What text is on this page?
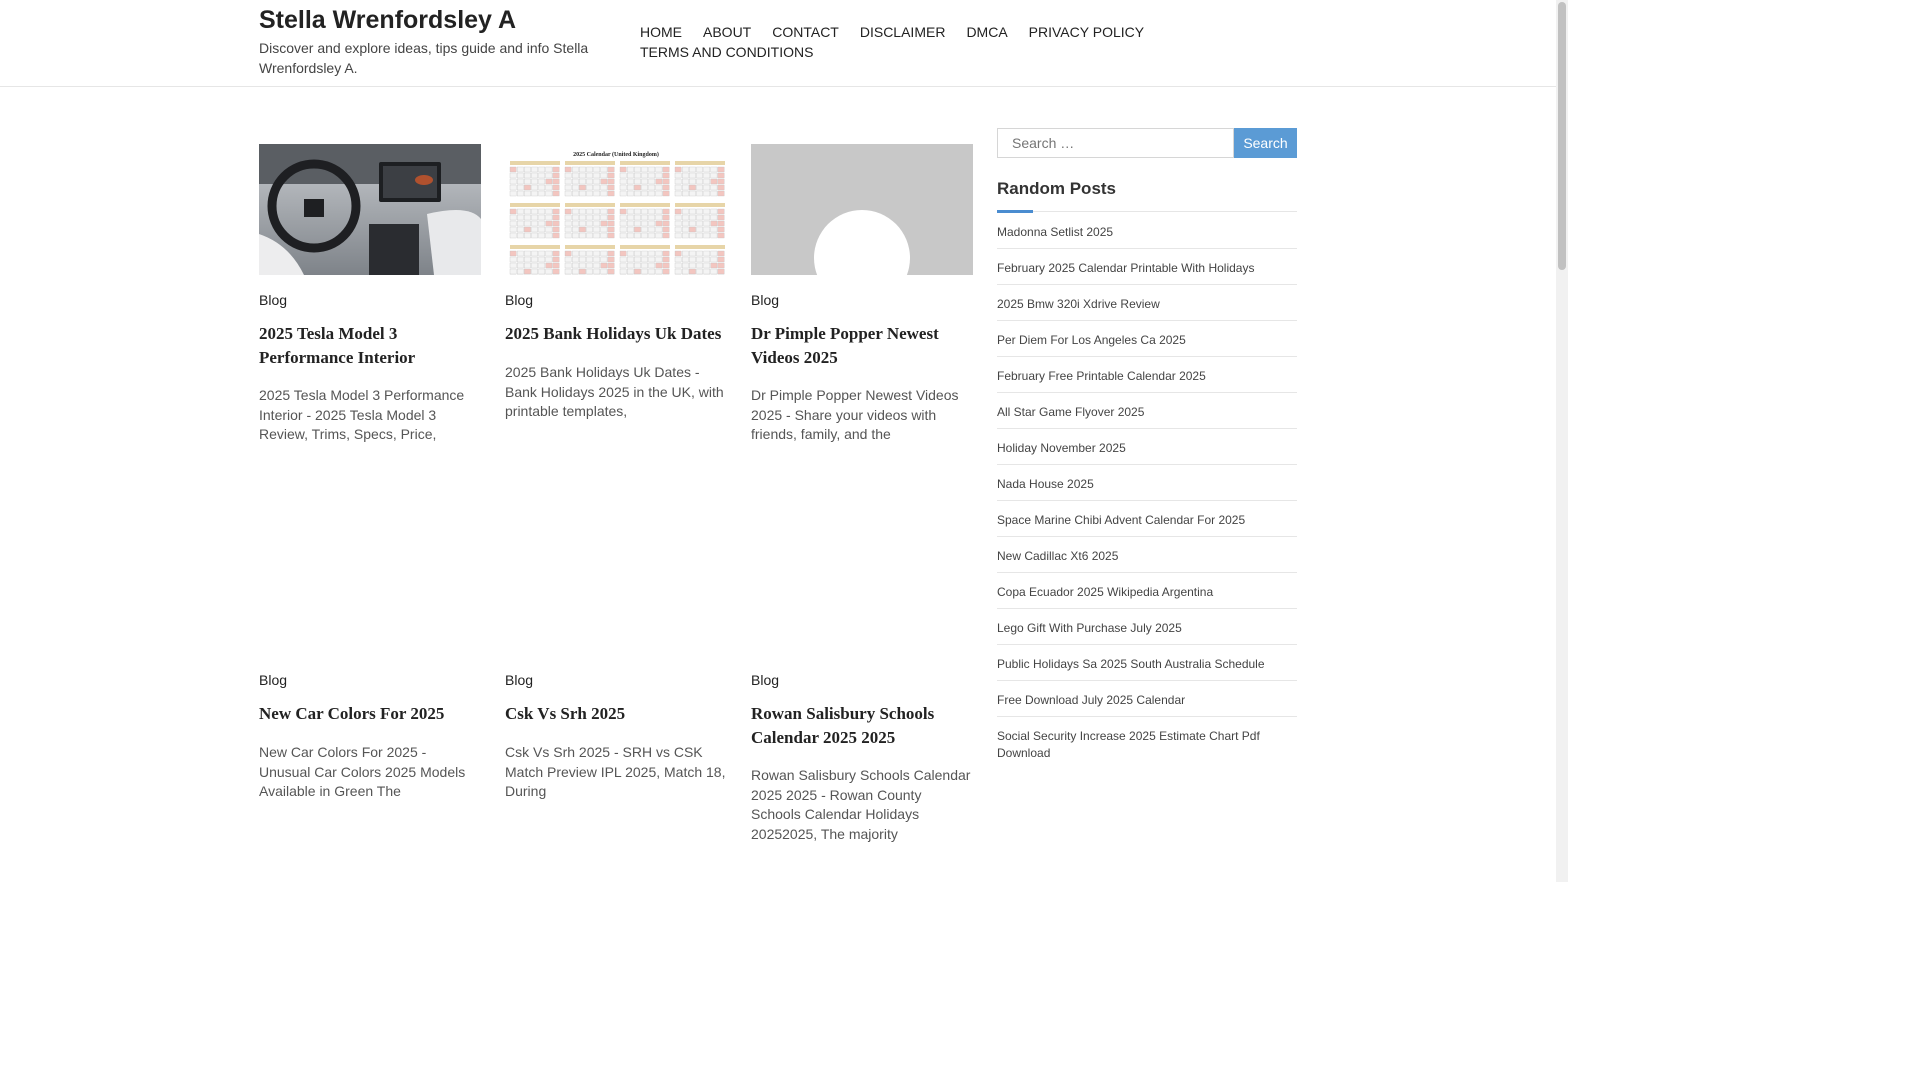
Stella Wrenfordsley A
Discover and explore ideas, tips guide and info Stella Wrenfordsley A.
HOME ABOUT CONTACT DISCLAIMER DMCA PRIVACY POLICYTERMS AND CONDITIONS
Blog
2025 Tesla Model 3 Performance Interior

2025 Tesla Model 3 Performance Interior - 2025 Tesla Model 3 Review, Trims, Specs, Price,

2025 Calendar (United Kingdom)
Blog
2025 Bank Holidays Uk Dates

2025 Bank Holidays Uk Dates - Bank Holidays 2025 in the UK, with printable templates,

Blog
Dr Pimple Popper Newest Videos 2025

Dr Pimple Popper Newest Videos 2025 - Share your videos with friends, family, and the

Blog
New Car Colors For 2025

New Car Colors For 2025 - Unusual Car Colors 2025 Models Available in Green The

Blog
Csk Vs Srh 2025

Csk Vs Srh 2025 - SRH vs CSK Match Preview IPL 2025, Match 18, During

Blog
Rowan Salisbury Schools Calendar 2025 2025

Rowan Salisbury Schools Calendar 2025 2025 - Rowan County Schools Calendar Holidays 20252025, The majority

Search …
Search
Random Posts
Madonna Setlist 2025
February 2025 Calendar Printable With Holidays
2025 Bmw 320i Xdrive Review
Per Diem For Los Angeles Ca 2025
February Free Printable Calendar 2025
All Star Game Flyover 2025
Holiday November 2025
Nada House 2025
Space Marine Chibi Advent Calendar For 2025
New Cadillac Xt6 2025
Copa Ecuador 2025 Wikipedia Argentina
Lego Gift With Purchase July 2025
Public Holidays Sa 2025 South Australia Schedule
Free Download July 2025 Calendar
Social Security Increase 2025 Estimate Chart Pdf Download
